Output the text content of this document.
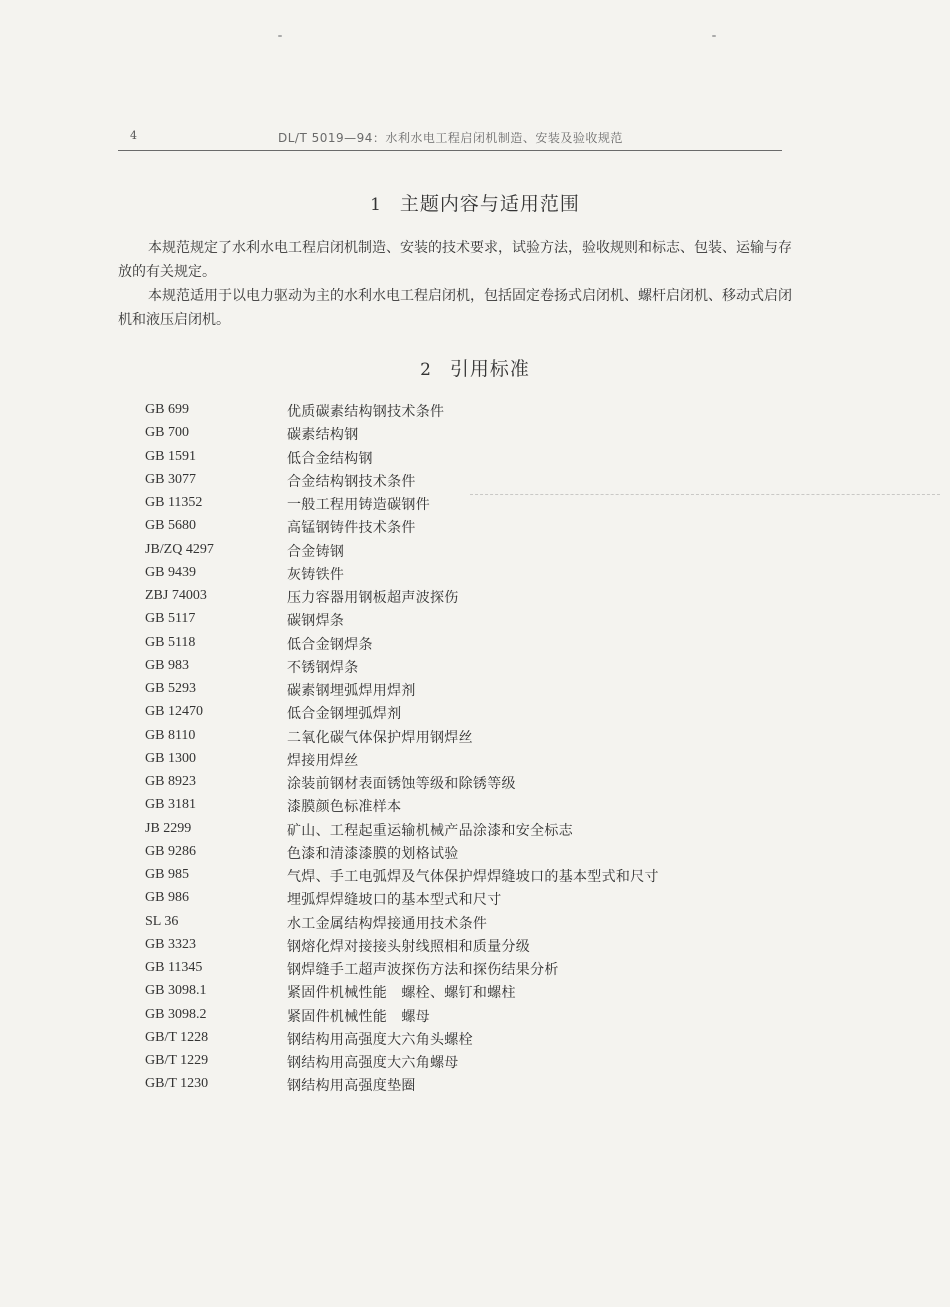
4	DL/T 5019—94：水利水电工程启闭机制造、安装及验收规范
1 主题内容与适用范围

本规范规定了水利水电工程启闭机制造、安装的技术要求，试验方法，验收规则和标志、包装、运输与存放的有关规定。

本规范适用于以电力驱动为主的水利水电工程启闭机，包括固定卷扬式启闭机、螺杆启闭机、移动式启闭机和液压启闭机。

2 引用标准
GB 699	优质碳素结构钢技术条件
GB 700	碳素结构钢
GB 1591	低合金结构钢
GB 3077	合金结构钢技术条件
GB 11352	一般工程用铸造碳钢件
GB 5680	高锰钢铸件技术条件
JB/ZQ 4297	合金铸钢
GB 9439	灰铸铁件
ZBJ 74003	压力容器用钢板超声波探伤
GB 5117	碳钢焊条
GB 5118	低合金钢焊条
GB 983	不锈钢焊条
GB 5293	碳素钢埋弧焊用焊剂
GB 12470	低合金钢埋弧焊剂
GB 8110	二氧化碳气体保护焊用钢焊丝
GB 1300	焊接用焊丝
GB 8923	涂装前钢材表面锈蚀等级和除锈等级
GB 3181	漆膜颜色标准样本
JB 2299	矿山、工程起重运输机械产品涂漆和安全标志
GB 9286	色漆和清漆漆膜的划格试验
GB 985	气焊、手工电弧焊及气体保护焊焊缝坡口的基本型式和尺寸
GB 986	埋弧焊焊缝坡口的基本型式和尺寸
SL 36	水工金属结构焊接通用技术条件
GB 3323	钢熔化焊对接接头射线照相和质量分级
GB 11345	钢焊缝手工超声波探伤方法和探伤结果分析
GB 3098.1	紧固件机械性能   螺栓、螺钉和螺柱
GB 3098.2	紧固件机械性能   螺母
GB/T 1228	钢结构用高强度大六角头螺栓
GB/T 1229	钢结构用高强度大六角螺母
GB/T 1230	钢结构用高强度垫圈
